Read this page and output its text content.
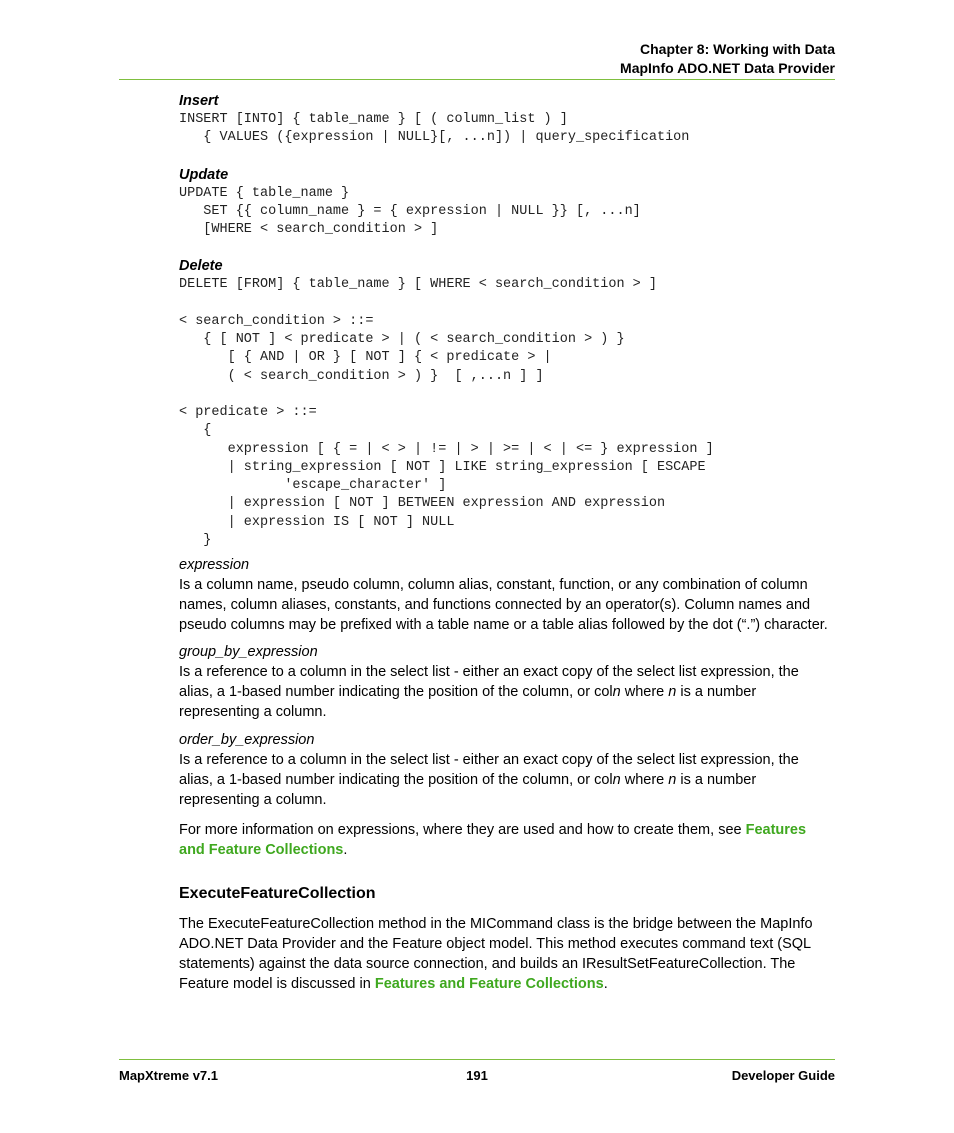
Chapter 8: Working with Data
MapInfo ADO.NET Data Provider

Insert

INSERT [INTO] { table_name } [ ( column_list ) ]
{ VALUES ({expression | NULL}[, ...n]) | query_specification

Update

UPDATE { table_name }
SET {{ column_name } = { expression | NULL }} [, ...n]
[WHERE < search_condition > ]

Delete

DELETE [FROM] { table_name } [ WHERE < search_condition > ]
< search_condition > ::=
{ [ NOT ] < predicate > | ( < search_condition > ) }
[ { AND | OR } [ NOT ] { < predicate > |
( < search_condition > ) }  [ ,...n ] ]
< predicate > ::=
{
expression [ { = | < > | != | > | >= | < | <= } expression ]
| string_expression [ NOT ] LIKE string_expression [ ESCAPE
'escape_character' ]
| expression [ NOT ] BETWEEN expression AND expression
| expression IS [ NOT ] NULL
}

expression

Is a column name, pseudo column, column alias, constant, function, or any combination of column names, column aliases, constants, and functions connected by an operator(s). Column names and pseudo columns may be prefixed with a table name or a table alias followed by the dot (“.”) character.

group_by_expression

Is a reference to a column in the select list - either an exact copy of the select list expression, the alias, a 1-based number indicating the position of the column, or coln where n is a number representing a column.

order_by_expression

Is a reference to a column in the select list - either an exact copy of the select list expression, the alias, a 1-based number indicating the position of the column, or coln where n is a number representing a column.

For more information on expressions, where they are used and how to create them, see Features and Feature Collections.

ExecuteFeatureCollection

The ExecuteFeatureCollection method in the MICommand class is the bridge between the MapInfo ADO.NET Data Provider and the Feature object model. This method executes command text (SQL statements) against the data source connection, and builds an IResultSetFeatureCollection. The Feature model is discussed in Features and Feature Collections.

MapXtreme v7.1	191	Developer Guide
